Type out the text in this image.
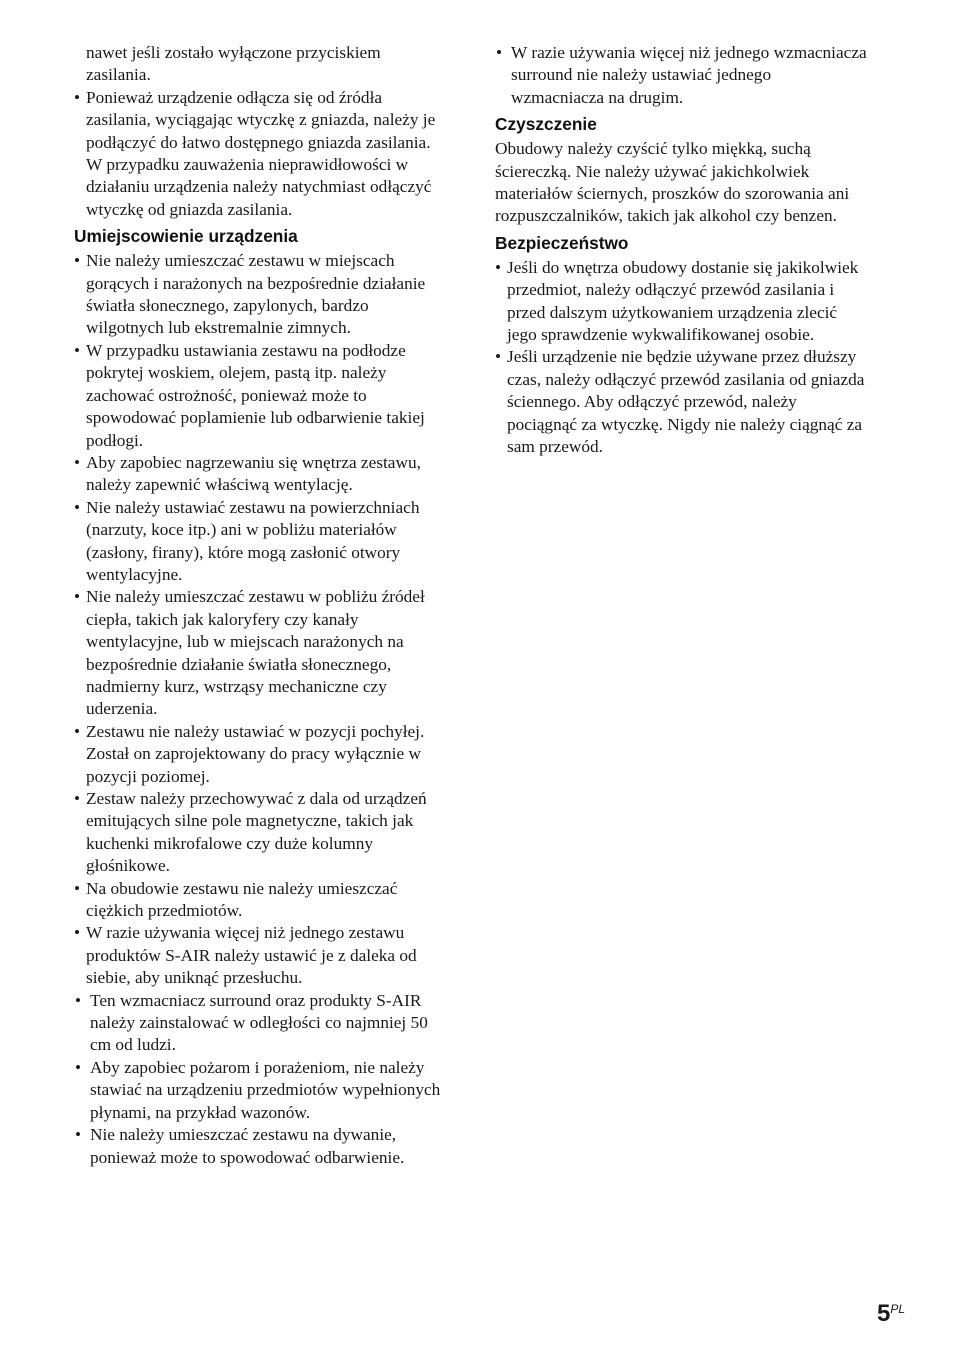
nawet jeśli zostało wyłączone przyciskiem zasilania.

• Ponieważ urządzenie odłącza się od źródła zasilania, wyciągając wtyczkę z gniazda, należy je podłączyć do łatwo dostępnego gniazda zasilania. W przypadku zauważenia nieprawidłowości w działaniu urządzenia należy natychmiast odłączyć wtyczkę od gniazda zasilania.
Umiejscowienie urządzenia
• Nie należy umieszczać zestawu w miejscach gorących i narażonych na bezpośrednie działanie światła słonecznego, zapylonych, bardzo wilgotnych lub ekstremalnie zimnych.
• W przypadku ustawiania zestawu na podłodze pokrytej woskiem, olejem, pastą itp. należy zachować ostrożność, ponieważ może to spowodować poplamienie lub odbarwienie takiej podłogi.
• Aby zapobiec nagrzewaniu się wnętrza zestawu, należy zapewnić właściwą wentylację.
• Nie należy ustawiać zestawu na powierzchniach (narzuty, koce itp.) ani w pobliżu materiałów (zasłony, firany), które mogą zasłonić otwory wentylacyjne.
• Nie należy umieszczać zestawu w pobliżu źródeł ciepła, takich jak kaloryfery czy kanały wentylacyjne, lub w miejscach narażonych na bezpośrednie działanie światła słonecznego, nadmierny kurz, wstrząsy mechaniczne czy uderzenia.
• Zestawu nie należy ustawiać w pozycji pochyłej. Został on zaprojektowany do pracy wyłącznie w pozycji poziomej.
• Zestaw należy przechowywać z dala od urządzeń emitujących silne pole magnetyczne, takich jak kuchenki mikrofalowe czy duże kolumny głośnikowe.
• Na obudowie zestawu nie należy umieszczać ciężkich przedmiotów.
• W razie używania więcej niż jednego zestawu produktów S-AIR należy ustawić je z daleka od siebie, aby uniknąć przesłuchu.
• Ten wzmacniacz surround oraz produkty S-AIR należy zainstalować w odległości co najmniej 50 cm od ludzi.
• Aby zapobiec pożarom i porażeniom, nie należy stawiać na urządzeniu przedmiotów wypełnionych płynami, na przykład wazonów.
• Nie należy umieszczać zestawu na dywanie, ponieważ może to spowodować odbarwienie.
• W razie używania więcej niż jednego wzmacniacza surround nie należy ustawiać jednego wzmacniacza na drugim.
Czyszczenie

Obudowy należy czyścić tylko miękką, suchą ściereczką. Nie należy używać jakichkolwiek materiałów ściernych, proszków do szorowania ani rozpuszczalników, takich jak alkohol czy benzen.

Bezpieczeństwo
• Jeśli do wnętrza obudowy dostanie się jakikolwiek przedmiot, należy odłączyć przewód zasilania i przed dalszym użytkowaniem urządzenia zlecić jego sprawdzenie wykwalifikowanej osobie.
• Jeśli urządzenie nie będzie używane przez dłuższy czas, należy odłączyć przewód zasilania od gniazda ściennego. Aby odłączyć przewód, należy pociągnąć za wtyczkę. Nigdy nie należy ciągnąć za sam przewód.
$5^{PL}$
